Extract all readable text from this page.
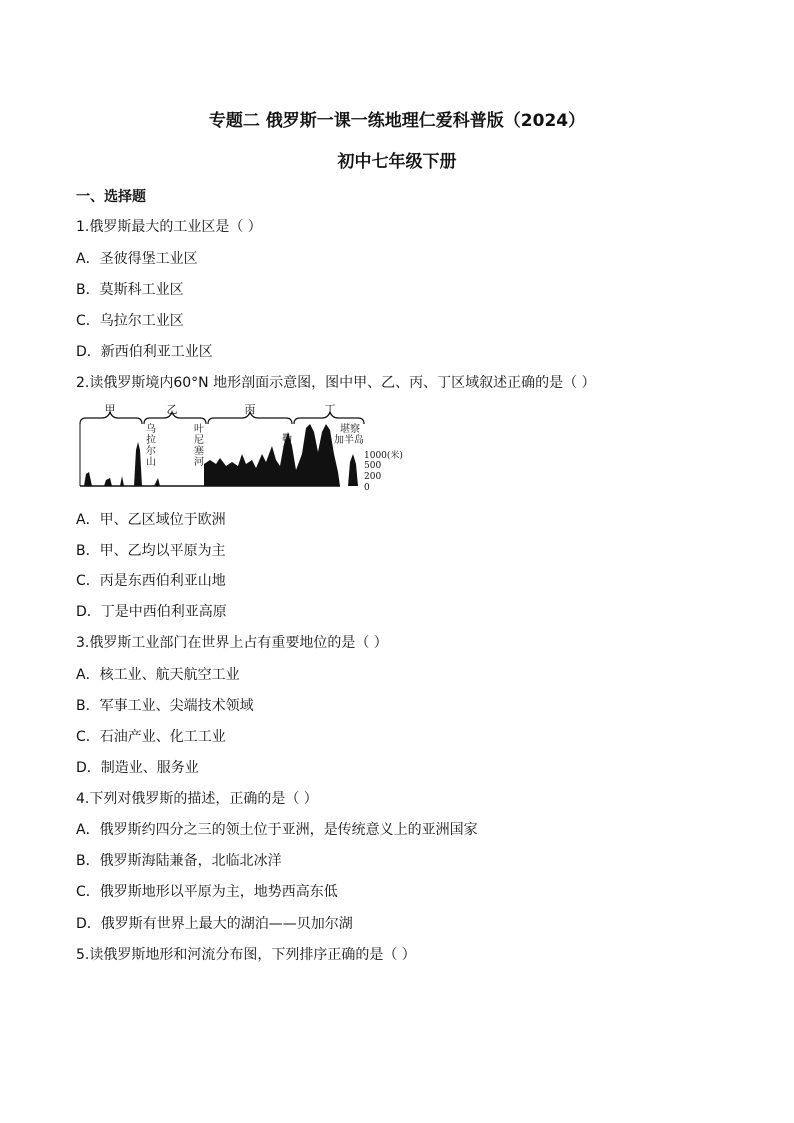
专题二 俄罗斯一课一练地理仁爱科普版（2024）
初中七年级下册
一、选择题
1.俄罗斯最大的工业区是（ ）
A．圣彼得堡工业区
B．莫斯科工业区
C．乌拉尔工业区
D．新西伯利亚工业区
2.读俄罗斯境内60°N 地形剖面示意图，图中甲、乙、丙、丁区域叙述正确的是（ ）
甲	乙	丙	丁
乌
拉
尔
山
叶
尼
塞
河
勒
拿
河
堪察
加半岛
1000(米)
500
200
0
A．甲、乙区域位于欧洲
B．甲、乙均以平原为主
C．丙是东西伯利亚山地
D．丁是中西伯利亚高原
3.俄罗斯工业部门在世界上占有重要地位的是（ ）
A．核工业、航天航空工业
B．军事工业、尖端技术领域
C．石油产业、化工工业
D．制造业、服务业
4.下列对俄罗斯的描述，正确的是（ ）
A．俄罗斯约四分之三的领土位于亚洲，是传统意义上的亚洲国家
B．俄罗斯海陆兼备，北临北冰洋
C．俄罗斯地形以平原为主，地势西高东低
D．俄罗斯有世界上最大的湖泊——贝加尔湖
5.读俄罗斯地形和河流分布图，下列排序正确的是（ ）
